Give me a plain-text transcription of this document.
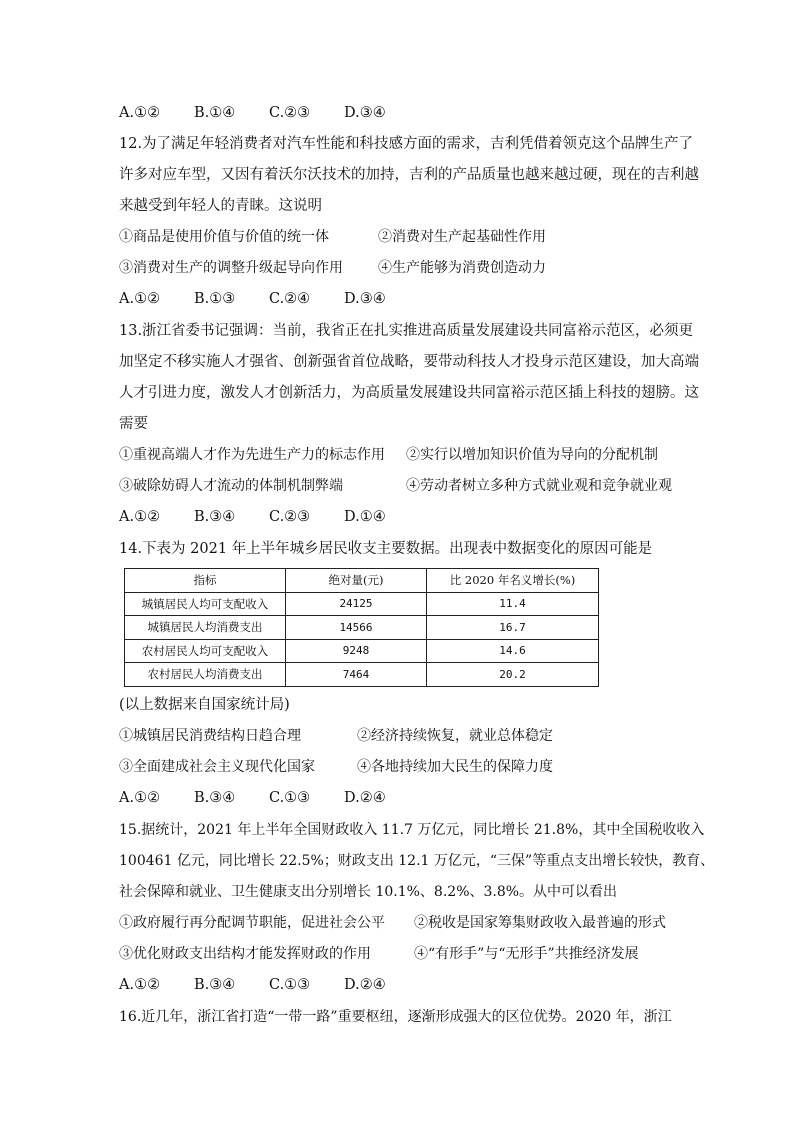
A.①②	B.①④	C.②③	D.③④
12.为了满足年轻消费者对汽车性能和科技感方面的需求，吉利凭借着领克这个品牌生产了
许多对应车型，又因有着沃尔沃技术的加持，吉利的产品质量也越来越过硬，现在的吉利越
来越受到年轻人的青睐。这说明
①商品是使用价值与价值的统一体	②消费对生产起基础性作用
③消费对生产的调整升级起导向作用	④生产能够为消费创造动力
A.①②	B.①③	C.②④	D.③④
13.浙江省委书记强调：当前，我省正在扎实推进高质量发展建设共同富裕示范区，必须更
加坚定不移实施人才强省、创新强省首位战略，要带动科技人才投身示范区建设，加大高端
人才引进力度，激发人才创新活力，为高质量发展建设共同富裕示范区插上科技的翅膀。这
需要
①重视高端人才作为先进生产力的标志作用 ②实行以增加知识价值为导向的分配机制
③破除妨碍人才流动的体制机制弊端	④劳动者树立多种方式就业观和竞争就业观
A.①②	B.③④	C.②③	D.①④
14.下表为 2021 年上半年城乡居民收支主要数据。出现表中数据变化的原因可能是
指标	绝对量(元)	比 2020 年名义增长(%)
城镇居民人均可支配收入	24125	11.4
城镇居民人均消费支出	14566	16.7
农村居民人均可支配收入	9248	14.6
农村居民人均消费支出	7464	20.2
(以上数据来自国家统计局)
①城镇居民消费结构日趋合理	②经济持续恢复，就业总体稳定
③全面建成社会主义现代化国家	④各地持续加大民生的保障力度
A.①②	B.③④	C.①③	D.②④
15.据统计，2021 年上半年全国财政收入 11.7 万亿元，同比增长 21.8%，其中全国税收收入
100461 亿元，同比增长 22.5%；财政支出 12.1 万亿元，“三保”等重点支出增长较快，教育、
社会保障和就业、卫生健康支出分别增长 10.1%、8.2%、3.8%。从中可以看出
①政府履行再分配调节职能，促进社会公平 ②税收是国家筹集财政收入最普遍的形式
③优化财政支出结构才能发挥财政的作用	④“有形手”与“无形手”共推经济发展
A.①②	B.③④	C.①③	D.②④
16.近几年，浙江省打造“一带一路”重要枢纽，逐渐形成强大的区位优势。2020 年，浙江
